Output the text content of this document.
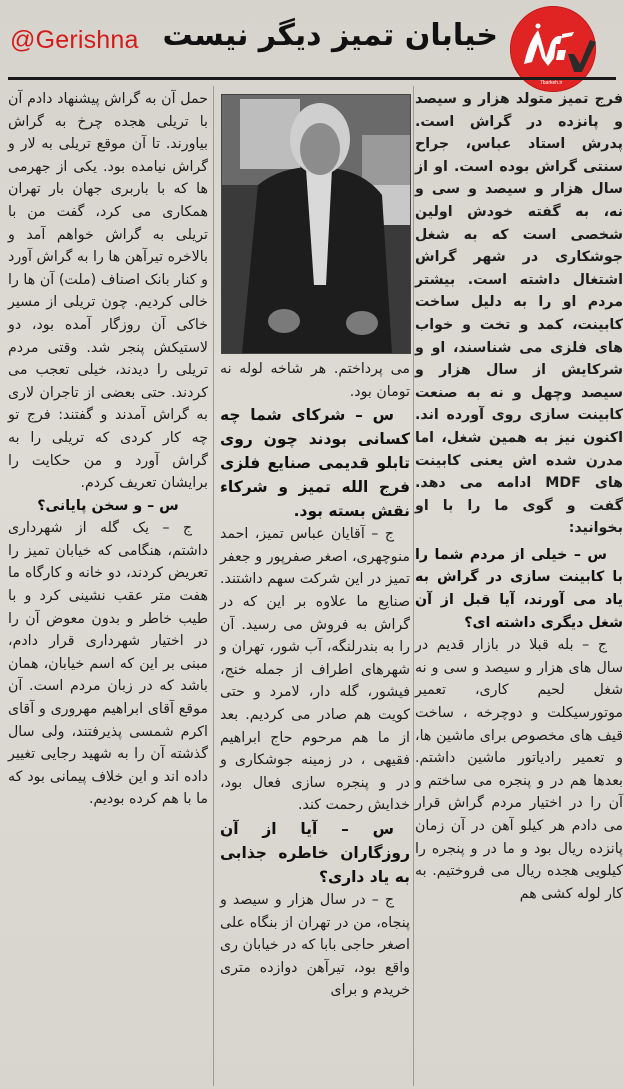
@Gerishna خیابان تمیز دیگر نیست
7barkeh.ir

فرج تمیز متولد هزار و سیصد و پانزده در گراش است. پدرش استاد عباس، جراح سنتی گراش بوده است. او از سال هزار و سیصد و سی و نه، به گفته خودش اولین شخصی است که به شغل جوشکاری در شهر گراش اشتغال داشته است. بیشتر مردم او را به دلیل ساخت کابینت، کمد و تخت و خواب های فلزی می شناسند، او و شرکایش از سال هزار و سیصد وچهل و نه به صنعت کابینت سازی روی آورده اند. اکنون نیز به همین شغل، اما مدرن شده اش یعنی کابینت های MDF ادامه می دهد. گفت و گوی ما را با او بخوانید:

س – خیلی از مردم شما را با کابینت سازی در گراش به یاد می آورند، آیا قبل از آن شغل دیگری داشته ای؟

ج – بله قبلا در بازار قدیم در سال های هزار و سیصد و سی و نه شغل لحیم کاری، تعمیر موتورسیکلت و دوچرخه ، ساخت قیف های مخصوص برای ماشین ها، و تعمیر رادیاتور ماشین داشتم. بعدها هم در و پنجره می ساختم و آن را در اختیار مردم گراش قرار می دادم هر کیلو آهن در آن زمان پانزده ریال بود و ما در و پنجره را کیلویی هجده ریال می فروختیم. به کار لوله کشی هم

می پرداختم. هر شاخه لوله نه تومان بود.

س – شرکای شما چه کسانی بودند چون روی تابلو قدیمی صنایع فلزی فرج الله تمیز و شرکاء نقش بسته بود.

ج – آقایان عباس تمیز، احمد منوچهری، اصغر صفرپور و جعفر تمیز در این شرکت سهم داشتند. صنایع ما علاوه بر این که در گراش به فروش می رسید. آن را به بندرلنگه، آب شور، تهران و شهرهای اطراف از جمله خنج، فیشور، گله دار، لامرد و حتی کویت هم صادر می کردیم. بعد از ما هم مرحوم حاج ابراهیم فقیهی ، در زمینه جوشکاری و در و پنجره سازی فعال بود، خدایش رحمت کند.

س – آیا از آن روزگاران خاطره جذابی به یاد داری؟

ج – در سال هزار و سیصد و پنجاه، من در تهران از بنگاه علی اصغر حاجی بابا که در خیابان ری واقع بود، تیرآهن دوازده متری خریدم و برای

حمل آن به گراش پیشنهاد دادم آن با تریلی هجده چرخ به گراش بیاورند. تا آن موقع تریلی به لار و گراش نیامده بود. یکی از جهرمی ها که با باربری جهان بار تهران همکاری می کرد، گفت من با تریلی به گراش خواهم آمد و بالاخره تیرآهن ها را به گراش آورد و کنار بانک اصناف (ملت) آن ها را خالی کردیم. چون تریلی از مسیر خاکی آن روزگار آمده بود، دو لاستیکش پنجر شد. وقتی مردم تریلی را دیدند، خیلی تعجب می کردند. حتی بعضی از تاجران لاری به گراش آمدند و گفتند: فرج تو چه کار کردی که تریلی را به گراش آورد و من حکایت را برایشان تعریف کردم.

س – و سخن پایانی؟

ج – یک گله از شهرداری داشتم، هنگامی که خیابان تمیز را تعریض کردند، دو خانه و کارگاه ما هفت متر عقب نشینی کرد و با طیب خاطر و بدون معوض آن را در اختیار شهرداری قرار دادم، مبنی بر این که اسم خیابان، همان باشد که در زبان مردم است. آن موقع آقای ابراهیم مهروری و آقای اکرم شمسی پذیرفتند، ولی سال گذشته آن را به شهید رجایی تغییر داده اند و این خلاف پیمانی بود که ما با هم کرده بودیم.
